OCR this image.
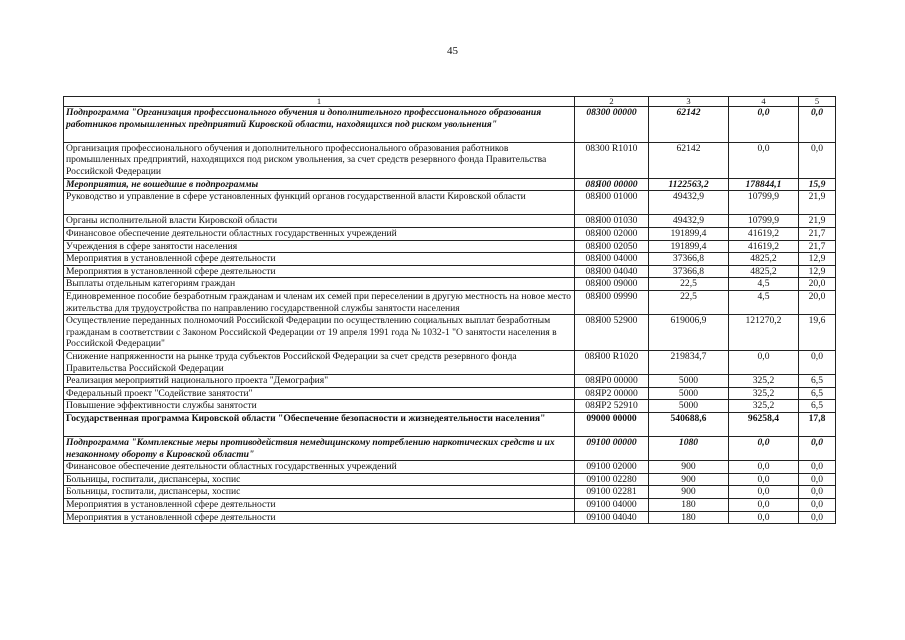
45
1	2	3	4	5
Подпрограмма "Организация профессионального обучения и дополнительного профессионального образования работников промышленных предприятий Кировской области, находящихся под риском увольнения"	08300 00000	62142	0,0	0,0
Организация профессионального обучения и дополнительного профессионального образования работников промышленных предприятий, находящихся под риском увольнения, за счет средств резервного фонда Правительства Российской Федерации	08300 R1010	62142	0,0	0,0
Мероприятия, не вошедшие в подпрограммы	08Я00 00000	1122563,2	178844,1	15,9
Руководство и управление в сфере установленных функций органов государственной власти Кировской области	08Я00 01000	49432,9	10799,9	21,9
Органы исполнительной власти Кировской области	08Я00 01030	49432,9	10799,9	21,9
Финансовое обеспечение деятельности областных государственных учреждений	08Я00 02000	191899,4	41619,2	21,7
Учреждения в сфере занятости населения	08Я00 02050	191899,4	41619,2	21,7
Мероприятия в установленной сфере деятельности	08Я00 04000	37366,8	4825,2	12,9
Мероприятия в установленной сфере деятельности	08Я00 04040	37366,8	4825,2	12,9
Выплаты отдельным категориям граждан	08Я00 09000	22,5	4,5	20,0
Единовременное пособие безработным гражданам и членам их семей при переселении в другую местность на новое место жительства для трудоустройства по направлению государственной службы занятости населения	08Я00 09990	22,5	4,5	20,0
Осуществление переданных полномочий Российской Федерации по осуществлению социальных выплат безработным гражданам в соответствии с Законом Российской Федерации от 19 апреля 1991 года № 1032-1 "О занятости населения в Российской Федерации"	08Я00 52900	619006,9	121270,2	19,6
Снижение напряженности на рынке труда субъектов Российской Федерации за счет средств резервного фонда Правительства Российской Федерации	08Я00 R1020	219834,7	0,0	0,0
Реализация мероприятий национального проекта "Демография"	08ЯР0 00000	5000	325,2	6,5
Федеральный проект "Содействие занятости"	08ЯР2 00000	5000	325,2	6,5
Повышение эффективности службы занятости	08ЯР2 52910	5000	325,2	6,5
Государственная программа Кировской области "Обеспечение безопасности и жизнедеятельности населения"	09000 00000	540688,6	96258,4	17,8
Подпрограмма "Комплексные меры противодействия немедицинскому потреблению наркотических средств и их незаконному обороту в Кировской области"	09100 00000	1080	0,0	0,0
Финансовое обеспечение деятельности областных государственных учреждений	09100 02000	900	0,0	0,0
Больницы, госпитали, диспансеры, хоспис	09100 02280	900	0,0	0,0
Больницы, госпитали, диспансеры, хоспис	09100 02281	900	0,0	0,0
Мероприятия в установленной сфере деятельности	09100 04000	180	0,0	0,0
Мероприятия в установленной сфере деятельности	09100 04040	180	0,0	0,0
